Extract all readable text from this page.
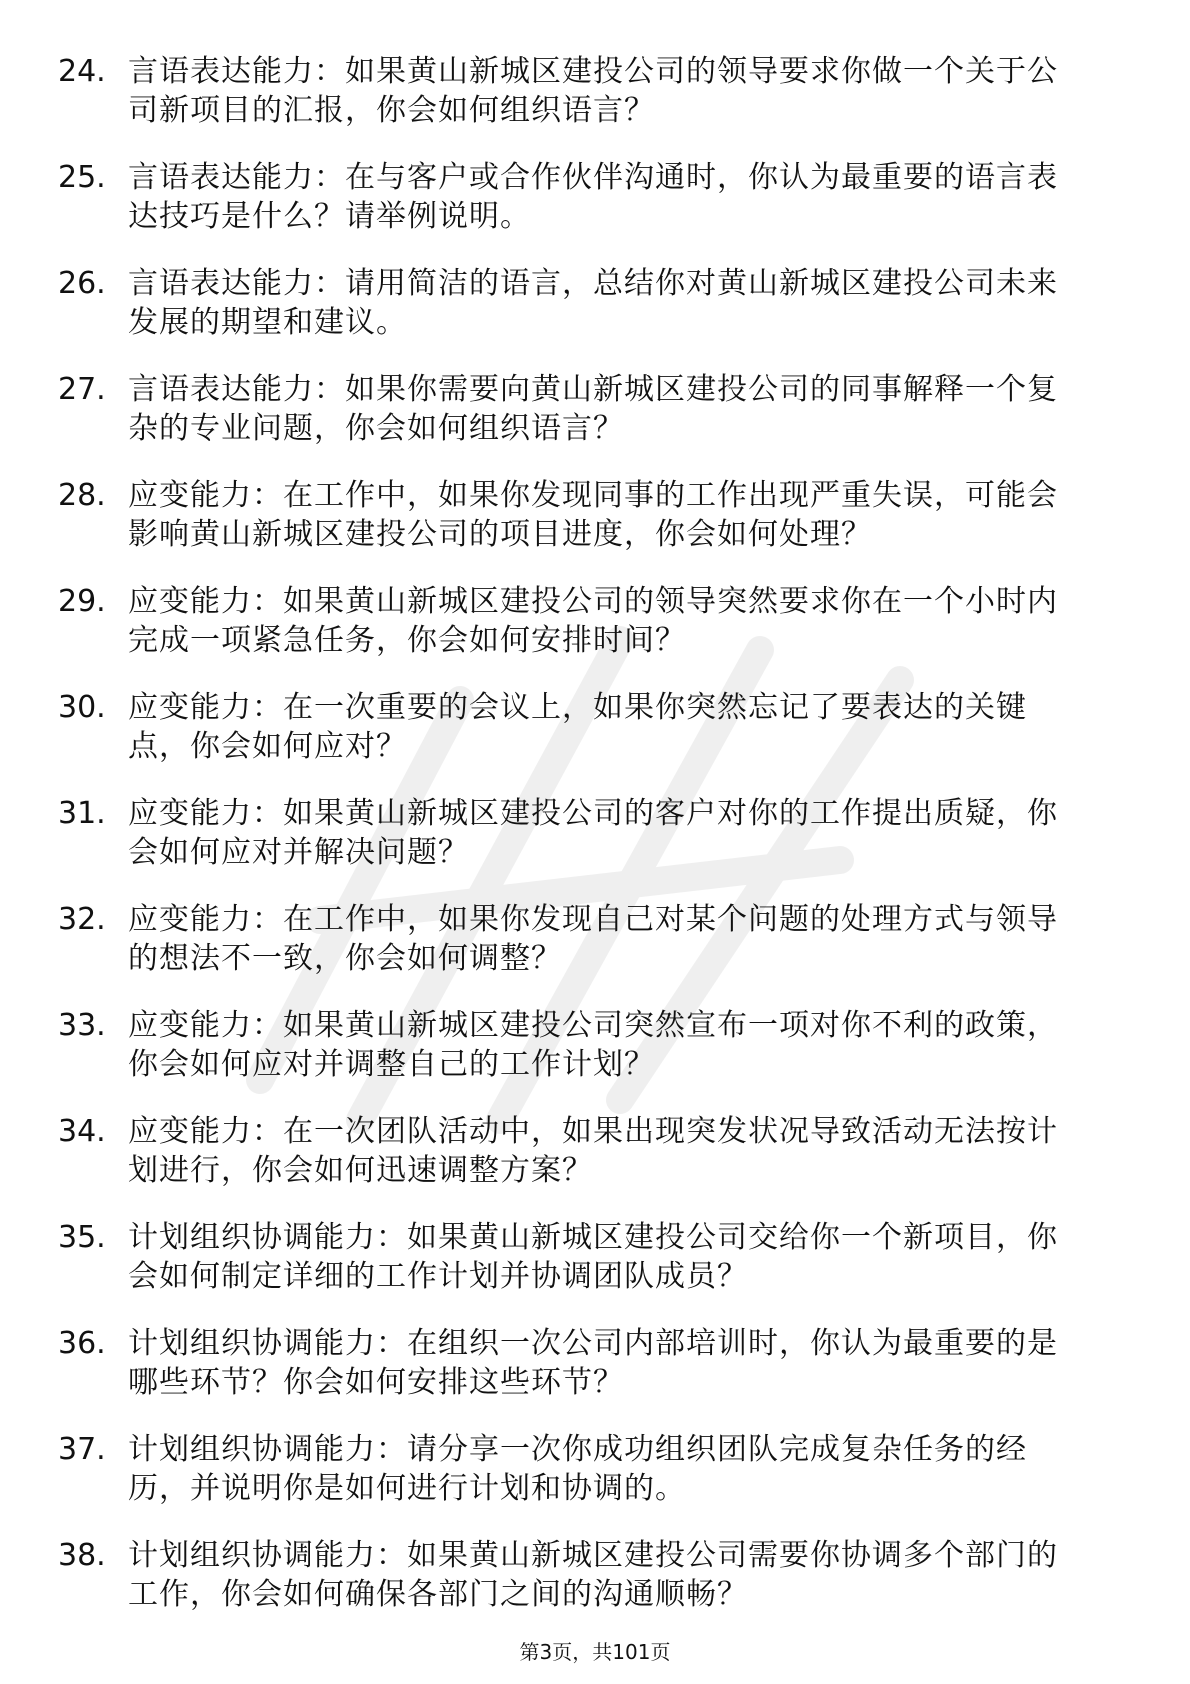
24. 言语表达能力：如果黄山新城区建投公司的领导要求你做一个关于公司新项目的汇报，你会如何组织语言？
25. 言语表达能力：在与客户或合作伙伴沟通时，你认为最重要的语言表达技巧是什么？请举例说明。
26. 言语表达能力：请用简洁的语言，总结你对黄山新城区建投公司未来发展的期望和建议。
27. 言语表达能力：如果你需要向黄山新城区建投公司的同事解释一个复杂的专业问题，你会如何组织语言？
28. 应变能力：在工作中，如果你发现同事的工作出现严重失误，可能会影响黄山新城区建投公司的项目进度，你会如何处理？
29. 应变能力：如果黄山新城区建投公司的领导突然要求你在一个小时内完成一项紧急任务，你会如何安排时间？
30. 应变能力：在一次重要的会议上，如果你突然忘记了要表达的关键点，你会如何应对？
31. 应变能力：如果黄山新城区建投公司的客户对你的工作提出质疑，你会如何应对并解决问题？
32. 应变能力：在工作中，如果你发现自己对某个问题的处理方式与领导的想法不一致，你会如何调整？
33. 应变能力：如果黄山新城区建投公司突然宣布一项对你不利的政策，你会如何应对并调整自己的工作计划？
34. 应变能力：在一次团队活动中，如果出现突发状况导致活动无法按计划进行，你会如何迅速调整方案？
35. 计划组织协调能力：如果黄山新城区建投公司交给你一个新项目，你会如何制定详细的工作计划并协调团队成员？
36. 计划组织协调能力：在组织一次公司内部培训时，你认为最重要的是哪些环节？你会如何安排这些环节？
37. 计划组织协调能力：请分享一次你成功组织团队完成复杂任务的经历，并说明你是如何进行计划和协调的。
38. 计划组织协调能力：如果黄山新城区建投公司需要你协调多个部门的工作，你会如何确保各部门之间的沟通顺畅？
第3页，共101页
